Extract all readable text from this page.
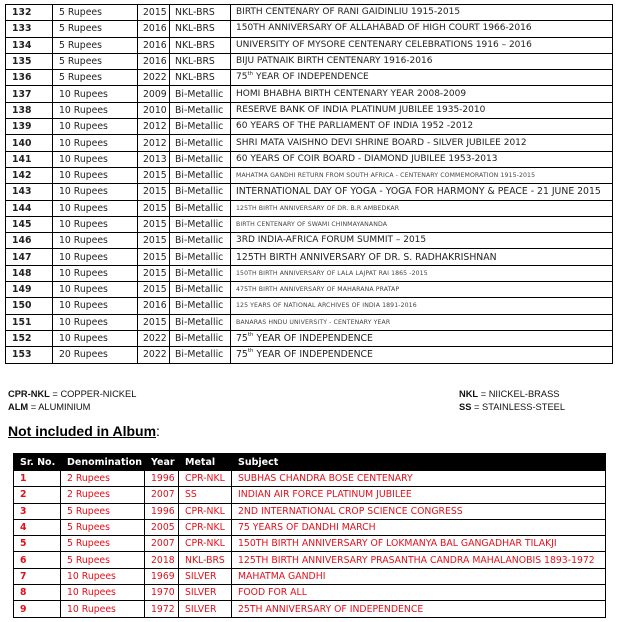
132	5 Rupees	2015	NKL-BRS	BIRTH CENTENARY OF RANI GAIDINLIU 1915-2015
133	5 Rupees	2016	NKL-BRS	150TH ANNIVERSARY OF ALLAHABAD OF HIGH COURT 1966-2016
134	5 Rupees	2016	NKL-BRS	UNIVERSITY OF MYSORE CENTENARY CELEBRATIONS 1916 – 2016
135	5 Rupees	2016	NKL-BRS	BIJU PATNAIK BIRTH CENTENARY 1916-2016
136	5 Rupees	2022	NKL-BRS	75th YEAR OF INDEPENDENCE
137	10 Rupees	2009	Bi-Metallic	HOMI BHABHA BIRTH CENTENARY YEAR 2008-2009
138	10 Rupees	2010	Bi-Metallic	RESERVE BANK OF INDIA PLATINUM JUBILEE 1935-2010
139	10 Rupees	2012	Bi-Metallic	60 YEARS OF THE PARLIAMENT OF INDIA 1952 -2012
140	10 Rupees	2012	Bi-Metallic	SHRI MATA VAISHNO DEVI SHRINE BOARD - SILVER JUBILEE 2012
141	10 Rupees	2013	Bi-Metallic	60 YEARS OF COIR BOARD - DIAMOND JUBILEE 1953-2013
142	10 Rupees	2015	Bi-Metallic	MAHATMA GANDHI RETURN FROM SOUTH AFRICA - CENTENARY COMMEMORATION 1915-2015
143	10 Rupees	2015	Bi-Metallic	INTERNATIONAL DAY OF YOGA - YOGA FOR HARMONY & PEACE - 21 JUNE 2015
144	10 Rupees	2015	Bi-Metallic	125TH BIRTH ANNIVERSARY OF DR. B.R AMBEDKAR
145	10 Rupees	2015	Bi-Metallic	BIRTH CENTENARY OF SWAMI CHINMAYANANDA
146	10 Rupees	2015	Bi-Metallic	3RD INDIA-AFRICA FORUM SUMMIT – 2015
147	10 Rupees	2015	Bi-Metallic	125TH BIRTH ANNIVERSARY OF DR. S. RADHAKRISHNAN
148	10 Rupees	2015	Bi-Metallic	150TH BIRTH ANNIVERSARY OF LALA LAJPAT RAI 1865 -2015
149	10 Rupees	2015	Bi-Metallic	475TH BIRTH ANNIVERSARY OF MAHARANA PRATAP
150	10 Rupees	2016	Bi-Metallic	125 YEARS OF NATIONAL ARCHIVES OF INDIA 1891-2016
151	10 Rupees	2015	Bi-Metallic	BANARAS HNDU UNIVERSITY - CENTENARY YEAR
152	10 Rupees	2022	Bi-Metallic	75th YEAR OF INDEPENDENCE
153	20 Rupees	2022	Bi-Metallic	75th YEAR OF INDEPENDENCE
CPR-NKL = COPPER-NICKEL
ALM = ALUMINIUM
NKL = NIICKEL-BRASS
SS = STAINLESS-STEEL
Not included in Album:
Sr. No.	Denomination	Year	Metal	Subject
1	2 Rupees	1996	CPR-NKL	SUBHAS CHANDRA BOSE CENTENARY
2	2 Rupees	2007	SS	INDIAN AIR FORCE PLATINUM JUBILEE
3	5 Rupees	1996	CPR-NKL	2ND INTERNATIONAL CROP SCIENCE CONGRESS
4	5 Rupees	2005	CPR-NKL	75 YEARS OF DANDHI MARCH
5	5 Rupees	2007	CPR-NKL	150TH BIRTH ANNIVERSARY OF LOKMANYA BAL GANGADHAR TILAKJI
6	5 Rupees	2018	NKL-BRS	125TH BIRTH ANNIVERSARY PRASANTHA CANDRA MAHALANOBIS 1893-1972
7	10 Rupees	1969	SILVER	MAHATMA GANDHI
8	10 Rupees	1970	SILVER	FOOD FOR ALL
9	10 Rupees	1972	SILVER	25TH ANNIVERSARY OF INDEPENDENCE
